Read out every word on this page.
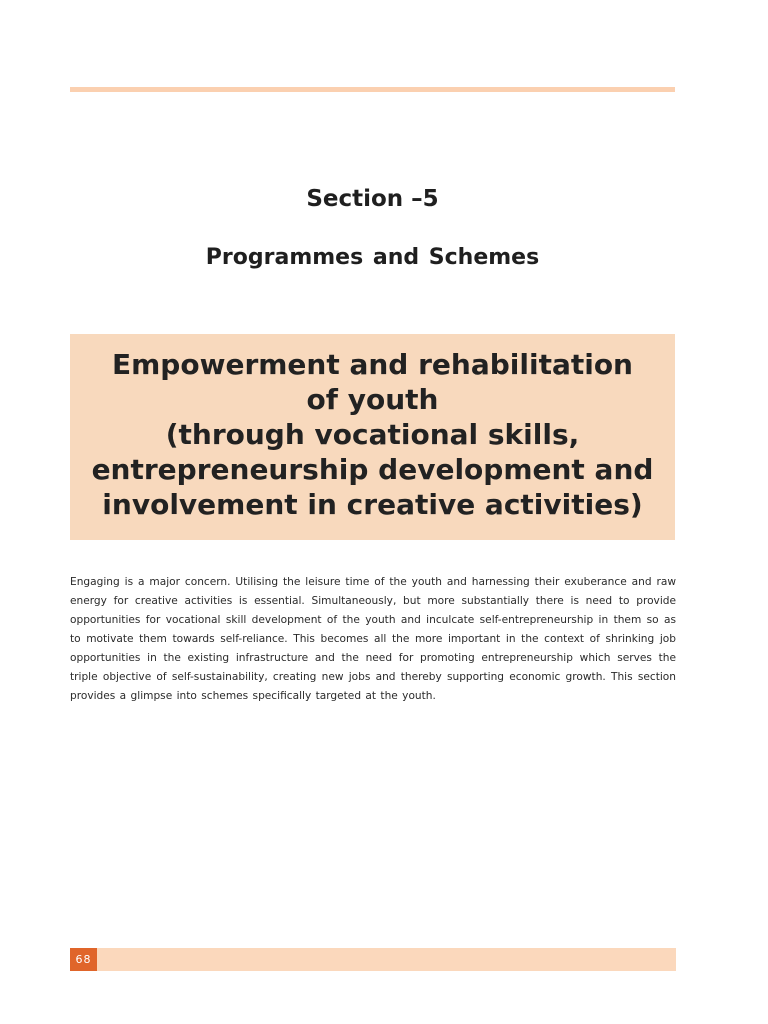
Section –5
Programmes and Schemes
Empowerment and rehabilitation
of youth
(through vocational skills,
entrepreneurship development and
involvement in creative activities)

Engaging is a major concern. Utilising the leisure time of the youth and harnessing their exuberance and raw energy for creative activities is essential. Simultaneously, but more substantially there is need to provide opportunities for vocational skill development of the youth and inculcate self-entrepreneurship in them so as to motivate them towards self-reliance. This becomes all the more important in the context of shrinking job opportunities in the existing infrastructure and the need for promoting entrepreneurship which serves the triple objective of self-sustainability, creating new jobs and thereby supporting economic growth. This section provides a glimpse into schemes specifically targeted at the youth.

68
